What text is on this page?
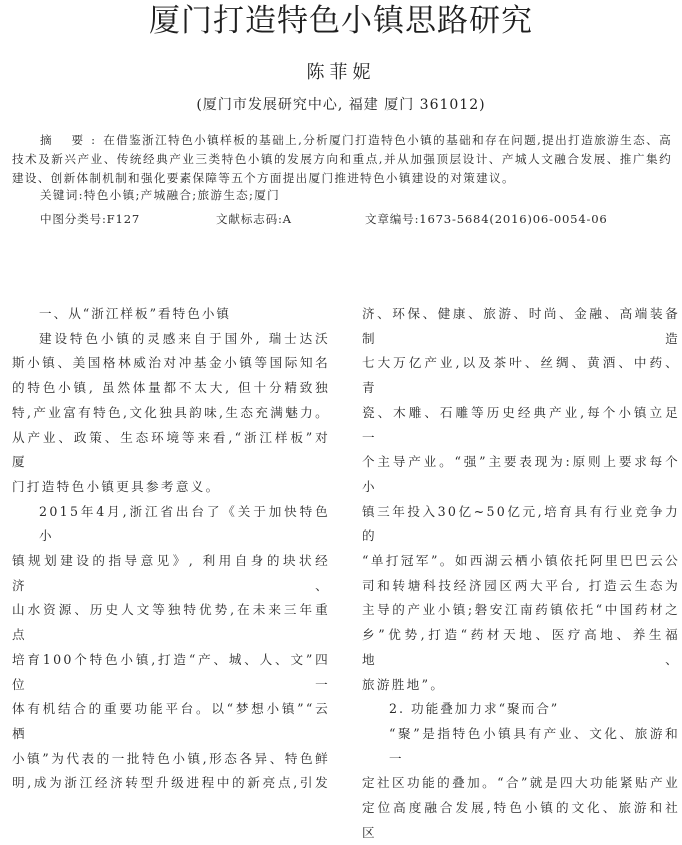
厦门打造特色小镇思路研究
陈菲妮
(厦门市发展研究中心, 福建 厦门 361012)
摘 要:在借鉴浙江特色小镇样板的基础上,分析厦门打造特色小镇的基础和存在问题,提出打造旅游生态、高技术及新兴产业、传统经典产业三类特色小镇的发展方向和重点,并从加强顶层设计、产城人文融合发展、推广集约建设、创新体制机制和强化要素保障等五个方面提出厦门推进特色小镇建设的对策建议。
关键词:特色小镇;产城融合;旅游生态;厦门
中图分类号:F127	文献标志码:A	文章编号:1673-5684(2016)06-0054-06
一、从“浙江样板”看特色小镇

建设特色小镇的灵感来自于国外, 瑞士达沃

斯小镇、美国格林威治对冲基金小镇等国际知名

的特色小镇, 虽然体量都不太大, 但十分精致独

特,产业富有特色,文化独具韵味,生态充满魅力。

从产业、政策、生态环境等来看,“浙江样板”对厦

门打造特色小镇更具参考意义。

2015年4月,浙江省出台了《关于加快特色小

镇规划建设的指导意见》, 利用自身的块状经济、

山水资源、历史人文等独特优势,在未来三年重点

培育100个特色小镇,打造“产、城、人、文”四位一

体有机结合的重要功能平台。以“梦想小镇”“云栖

小镇”为代表的一批特色小镇,形态各异、特色鲜

明,成为浙江经济转型升级进程中的新亮点,引发

济、环保、健康、旅游、时尚、金融、高端装备制造

七大万亿产业,以及茶叶、丝绸、黄酒、中药、青

瓷、木雕、石雕等历史经典产业,每个小镇立足一

个主导产业。“强”主要表现为:原则上要求每个小

镇三年投入30亿~50亿元,培育具有行业竞争力的

“单打冠军”。如西湖云栖小镇依托阿里巴巴云公

司和转塘科技经济园区两大平台, 打造云生态为

主导的产业小镇;磐安江南药镇依托“中国药材之

乡”优势,打造“药材天地、医疗高地、养生福地、

旅游胜地”。

2. 功能叠加力求“聚而合”

“聚”是指特色小镇具有产业、文化、旅游和一

定社区功能的叠加。“合”就是四大功能紧贴产业

定位高度融合发展,特色小镇的文化、旅游和社区
